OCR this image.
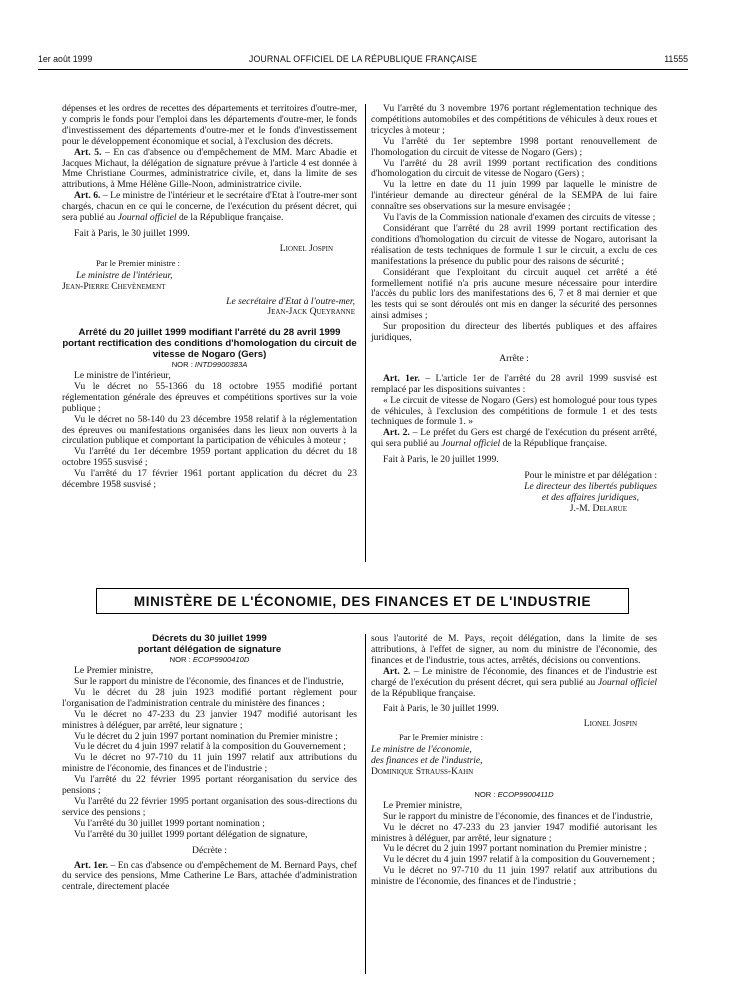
1er août 1999	JOURNAL OFFICIEL DE LA RÉPUBLIQUE FRANÇAISE	11555

dépenses et les ordres de recettes des départements et territoires d'outre-mer, y compris le fonds pour l'emploi dans les départements d'outre-mer, le fonds d'investissement des départements d'outre-mer et le fonds d'investissement pour le développement économique et social, à l'exclusion des décrets.

Art. 5. – En cas d'absence ou d'empêchement de MM. Marc Abadie et Jacques Michaut, la délégation de signature prévue à l'article 4 est donnée à Mme Christiane Courmes, administratrice civile, et, dans la limite de ses attributions, à Mme Hélène Gille-Noon, administratrice civile.

Art. 6. – Le ministre de l'intérieur et le secrétaire d'Etat à l'outre-mer sont chargés, chacun en ce qui le concerne, de l'exécution du présent décret, qui sera publié au Journal officiel de la République française.

Fait à Paris, le 30 juillet 1999.

Lionel Jospin

Par le Premier ministre :

Le ministre de l'intérieur,

Jean-Pierre Chevènement

Le secrétaire d'Etat à l'outre-mer,

Jean-Jack Queyranne

Arrêté du 20 juillet 1999 modifiant l'arrêté du 28 avril 1999 portant rectification des conditions d'homologation du circuit de vitesse de Nogaro (Gers)

NOR : INTD9900383A

Le ministre de l'intérieur,

Vu le décret no 55-1366 du 18 octobre 1955 modifié portant réglementation générale des épreuves et compétitions sportives sur la voie publique ;

Vu le décret no 58-140 du 23 décembre 1958 relatif à la réglementation des épreuves ou manifestations organisées dans les lieux non ouverts à la circulation publique et comportant la participation de véhicules à moteur ;

Vu l'arrêté du 1er décembre 1959 portant application du décret du 18 octobre 1955 susvisé ;

Vu l'arrêté du 17 février 1961 portant application du décret du 23 décembre 1958 susvisé ;

Vu l'arrêté du 3 novembre 1976 portant réglementation technique des compétitions automobiles et des compétitions de véhicules à deux roues et tricycles à moteur ;

Vu l'arrêté du 1er septembre 1998 portant renouvellement de l'homologation du circuit de vitesse de Nogaro (Gers) ;

Vu l'arrêté du 28 avril 1999 portant rectification des conditions d'homologation du circuit de vitesse de Nogaro (Gers) ;

Vu la lettre en date du 11 juin 1999 par laquelle le ministre de l'intérieur demande au directeur général de la SEMPA de lui faire connaître ses observations sur la mesure envisagée ;

Vu l'avis de la Commission nationale d'examen des circuits de vitesse ;

Considérant que l'arrêté du 28 avril 1999 portant rectification des conditions d'homologation du circuit de vitesse de Nogaro, autorisant la réalisation de tests techniques de formule 1 sur le circuit, a exclu de ces manifestations la présence du public pour des raisons de sécurité ;

Considérant que l'exploitant du circuit auquel cet arrêté a été formellement notifié n'a pris aucune mesure nécessaire pour interdire l'accès du public lors des manifestations des 6, 7 et 8 mai dernier et que les tests qui se sont déroulés ont mis en danger la sécurité des personnes ainsi admises ;

Sur proposition du directeur des libertés publiques et des affaires juridiques,

Arrête :

Art. 1er. – L'article 1er de l'arrêté du 28 avril 1999 susvisé est remplacé par les dispositions suivantes :

« Le circuit de vitesse de Nogaro (Gers) est homologué pour tous types de véhicules, à l'exclusion des compétitions de formule 1 et des tests techniques de formule 1. »

Art. 2. – Le préfet du Gers est chargé de l'exécution du présent arrêté, qui sera publié au Journal officiel de la République française.

Fait à Paris, le 20 juillet 1999.

Pour le ministre et par délégation :

Le directeur des libertés publiques

et des affaires juridiques,

J.-M. Delarue

MINISTÈRE DE L'ÉCONOMIE, DES FINANCES ET DE L'INDUSTRIE

Décrets du 30 juillet 1999

portant délégation de signature

NOR : ECOP9900410D

Le Premier ministre,

Sur le rapport du ministre de l'économie, des finances et de l'industrie,

Vu le décret du 28 juin 1923 modifié portant règlement pour l'organisation de l'administration centrale du ministère des finances ;

Vu le décret no 47-233 du 23 janvier 1947 modifié autorisant les ministres à déléguer, par arrêté, leur signature ;

Vu le décret du 2 juin 1997 portant nomination du Premier ministre ;

Vu le décret du 4 juin 1997 relatif à la composition du Gouvernement ;

Vu le décret no 97-710 du 11 juin 1997 relatif aux attributions du ministre de l'économie, des finances et de l'industrie ;

Vu l'arrêté du 22 février 1995 portant réorganisation du service des pensions ;

Vu l'arrêté du 22 février 1995 portant organisation des sous-directions du service des pensions ;

Vu l'arrêté du 30 juillet 1999 portant nomination ;

Vu l'arrêté du 30 juillet 1999 portant délégation de signature,

Décrète :

Art. 1er. – En cas d'absence ou d'empêchement de M. Bernard Pays, chef du service des pensions, Mme Catherine Le Bars, attachée d'administration centrale, directement placée

sous l'autorité de M. Pays, reçoit délégation, dans la limite de ses attributions, à l'effet de signer, au nom du ministre de l'économie, des finances et de l'industrie, tous actes, arrêtés, décisions ou conventions.

Art. 2. – Le ministre de l'économie, des finances et de l'industrie est chargé de l'exécution du présent décret, qui sera publié au Journal officiel de la République française.

Fait à Paris, le 30 juillet 1999.

Lionel Jospin

Par le Premier ministre :

Le ministre de l'économie,

des finances et de l'industrie,

Dominique Strauss-Kahn

NOR : ECOP9900411D

Le Premier ministre,

Sur le rapport du ministre de l'économie, des finances et de l'industrie,

Vu le décret no 47-233 du 23 janvier 1947 modifié autorisant les ministres à déléguer, par arrêté, leur signature ;

Vu le décret du 2 juin 1997 portant nomination du Premier ministre ;

Vu le décret du 4 juin 1997 relatif à la composition du Gouvernement ;

Vu le décret no 97-710 du 11 juin 1997 relatif aux attributions du ministre de l'économie, des finances et de l'industrie ;
